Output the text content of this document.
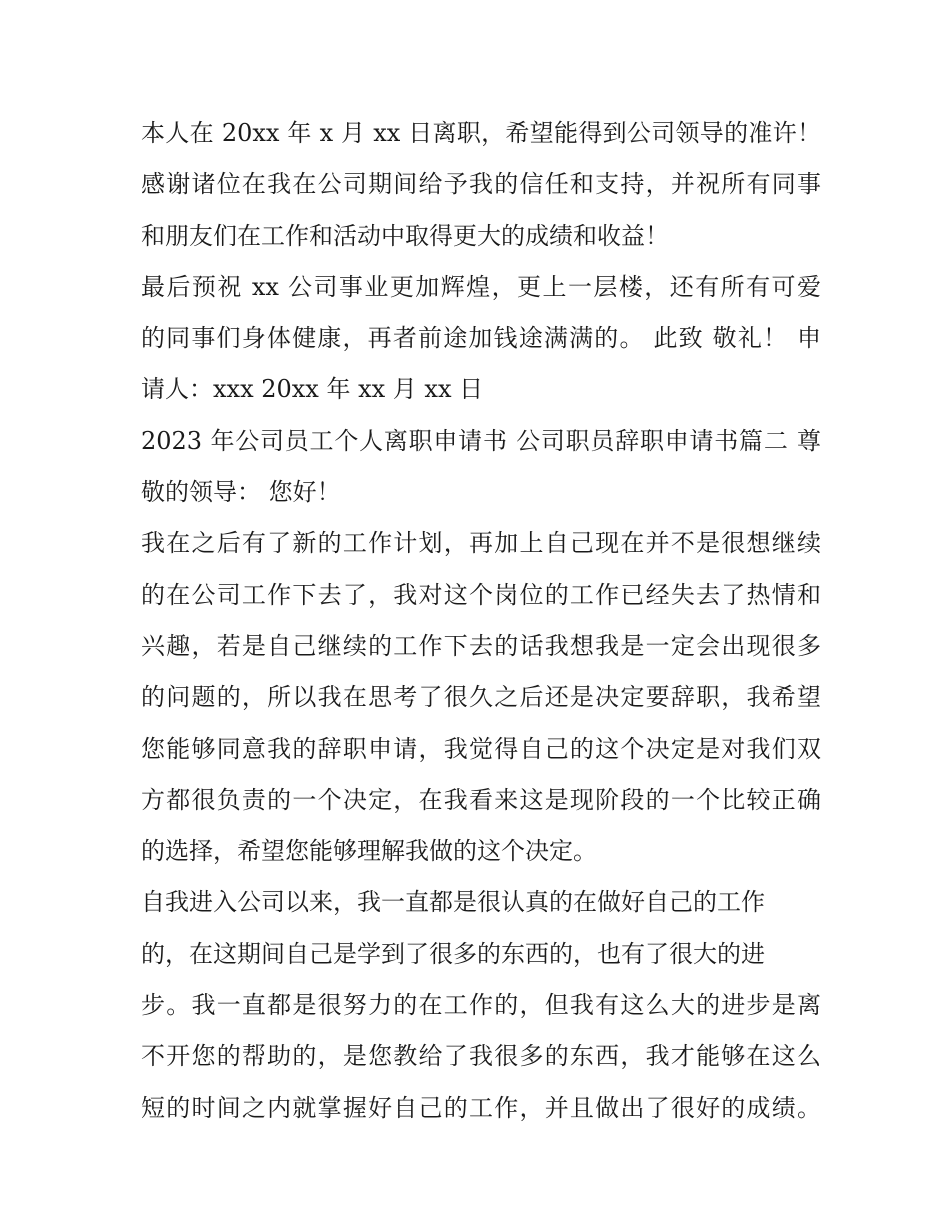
本人在 20xx 年 x 月 xx 日离职，希望能得到公司领导的准许！
感谢诸位在我在公司期间给予我的信任和支持，并祝所有同事
和朋友们在工作和活动中取得更大的成绩和收益！
最后预祝 xx 公司事业更加辉煌，更上一层楼，还有所有可爱
的同事们身体健康，再者前途加钱途满满的。 此致 敬礼！ 申
请人：xxx 20xx 年 xx 月 xx 日
2023 年公司员工个人离职申请书 公司职员辞职申请书篇二 尊
敬的领导： 您好！
我在之后有了新的工作计划，再加上自己现在并不是很想继续
的在公司工作下去了，我对这个岗位的工作已经失去了热情和
兴趣，若是自己继续的工作下去的话我想我是一定会出现很多
的问题的，所以我在思考了很久之后还是决定要辞职，我希望
您能够同意我的辞职申请，我觉得自己的这个决定是对我们双
方都很负责的一个决定，在我看来这是现阶段的一个比较正确
的选择，希望您能够理解我做的这个决定。
自我进入公司以来，我一直都是很认真的在做好自己的工作
的，在这期间自己是学到了很多的东西的，也有了很大的进
步。我一直都是很努力的在工作的，但我有这么大的进步是离
不开您的帮助的，是您教给了我很多的东西，我才能够在这么
短的时间之内就掌握好自己的工作，并且做出了很好的成绩。
